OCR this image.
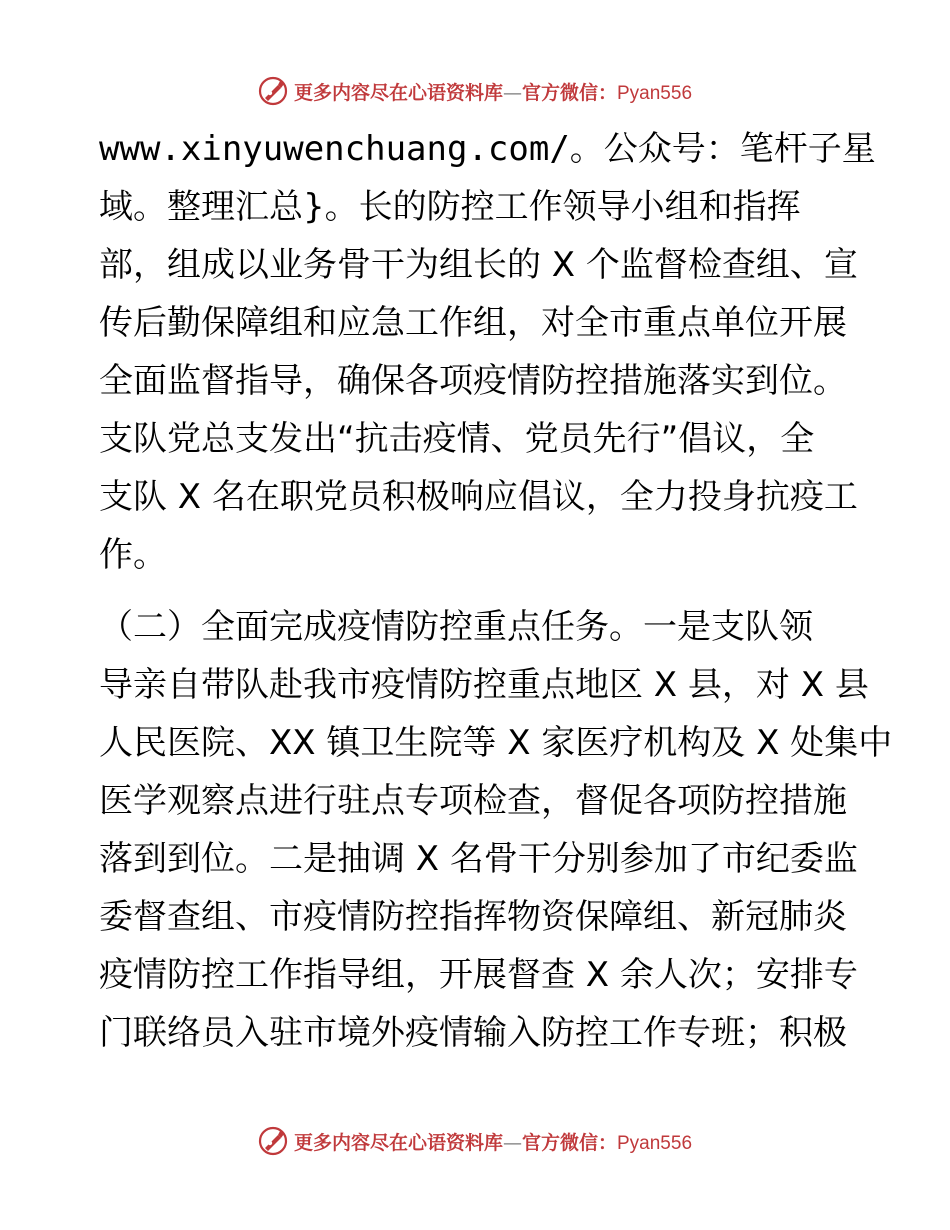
更多内容尽在心语资料库—官方微信：Pyan556
www.xinyuwenchuang.com/。公众号：笔杆子星
域。整理汇总}。长的防控工作领导小组和指挥
部，组成以业务骨干为组长的 X 个监督检查组、宣
传后勤保障组和应急工作组，对全市重点单位开展
全面监督指导，确保各项疫情防控措施落实到位。
支队党总支发出“抗击疫情、党员先行”倡议，全
支队 X 名在职党员积极响应倡议，全力投身抗疫工
作。
（二）全面完成疫情防控重点任务。一是支队领
导亲自带队赴我市疫情防控重点地区 X 县，对 X 县
人民医院、XX 镇卫生院等 X 家医疗机构及 X 处集中
医学观察点进行驻点专项检查，督促各项防控措施
落到到位。二是抽调 X 名骨干分别参加了市纪委监
委督查组、市疫情防控指挥物资保障组、新冠肺炎
疫情防控工作指导组，开展督查 X 余人次；安排专
门联络员入驻市境外疫情输入防控工作专班；积极
更多内容尽在心语资料库—官方微信：Pyan556
